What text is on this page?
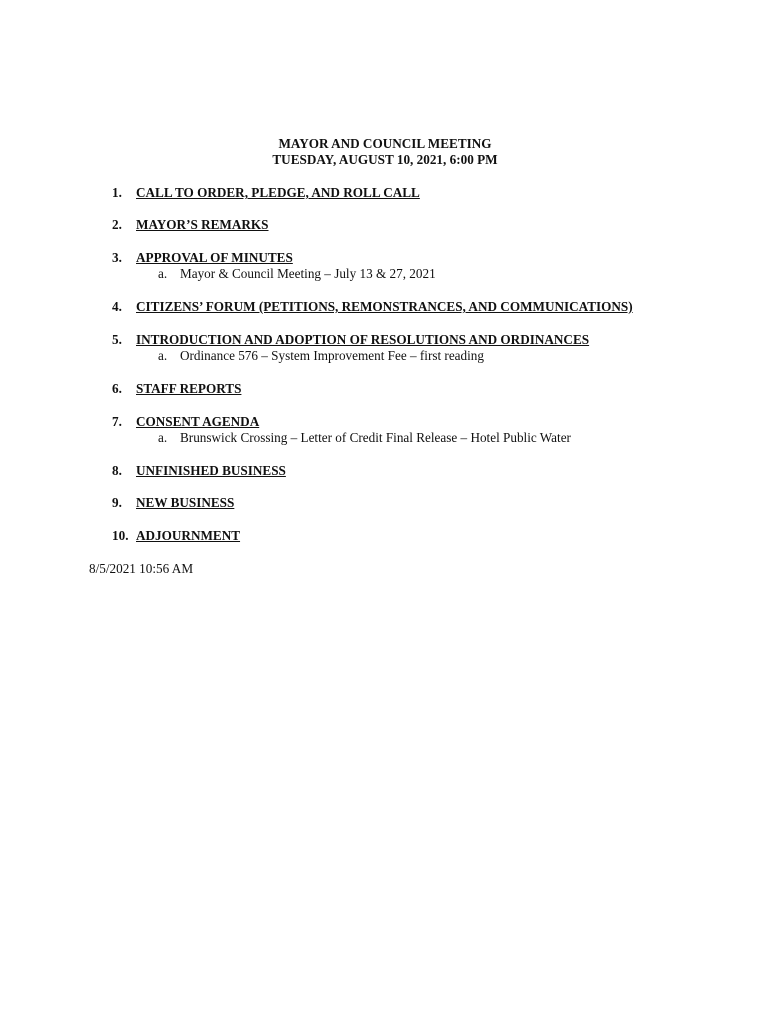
MAYOR AND COUNCIL MEETING
TUESDAY, AUGUST 10, 2021, 6:00 PM
1. CALL TO ORDER, PLEDGE, AND ROLL CALL
2. MAYOR’S REMARKS
3. APPROVAL OF MINUTES
a. Mayor & Council Meeting – July 13 & 27, 2021
4. CITIZENS’ FORUM (PETITIONS, REMONSTRANCES, AND COMMUNICATIONS)
5. INTRODUCTION AND ADOPTION OF RESOLUTIONS AND ORDINANCES
a. Ordinance 576 – System Improvement Fee – first reading
6. STAFF REPORTS
7. CONSENT AGENDA
a. Brunswick Crossing – Letter of Credit Final Release – Hotel Public Water
8. UNFINISHED BUSINESS
9. NEW BUSINESS
10. ADJOURNMENT
8/5/2021 10:56 AM
